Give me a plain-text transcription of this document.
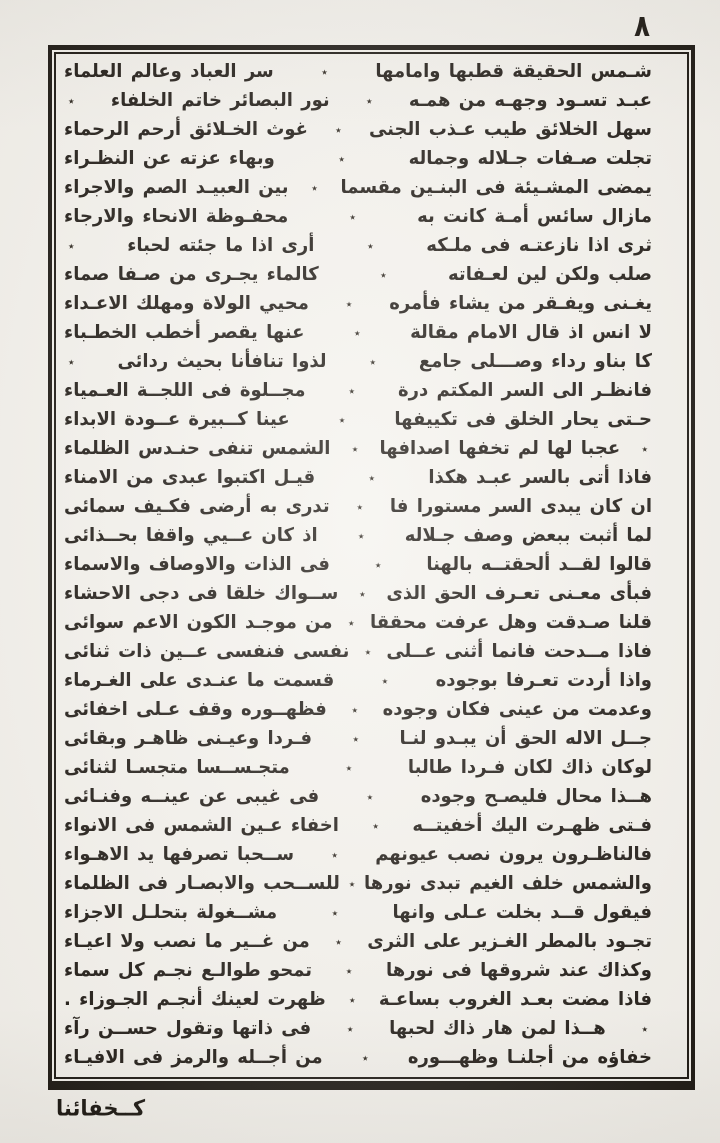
٨
شـمس الحقيقة قطبها وامامها
٭
سر العباد وعالم العلماء
عبـد تسـود وجهـه من همـه
٭
نور البصائر خاتم الخلفاء
٭
سهل الخلائق طيب عـذب الجنى
٭
غوث الخـلائق أرحم الرحماء
تجلت صـفات جـلاله وجماله
٭
وبهاء عزته عن النظـراء
يمضى المشـيئة فى البنـين مقسما
٭
بين العبيـد الصم والاجراء
مازال سائس أمـة كانت به
٭
محفـوظة الانحاء والارجاء
ثرى اذا نازعتـه فى ملـكه
٭
أرى اذا ما جئته لحباء
٭
صلب ولكن لين لعـفاته
٭
كالماء يجـرى من صـفا صماء
يغـنى ويفـقر من يشاء فأمره
٭
محيي الولاة ومهلك الاعـداء
لا انس اذ قال الامام مقالة
٭
عنها يقصر أخطب الخطـباء
كا بناو رداء وصـــلى جامع
٭
لذوا تنافأنا بحيث ردائى
٭
فانظـر الى السر المكتم درة
٭
مجــلوة فى اللجــة العـمياء
حـتى يحار الخلق فى تكييفها
٭
عينا كــبيرة عــودة الابداء
٭
عجبا لها لم تخفها اصدافها
٭
الشمس تنفى حنـدس الظلماء
فاذا أتى بالسر عبـد هكذا
٭
قيـل اكتبوا عبدى من الامناء
ان كان يبدى السر مستورا فا
٭
تدرى به أرضى فكـيف سمائى
لما أثبت ببعض وصف جـلاله
٭
اذ كان عــيي واقفا بحــذائى
قالوا لقــد ألحقتــه بالهنا
٭
فى الذات والاوصاف والاسماء
فبأى معـنى تعـرف الحق الذى
٭
ســواك خلقا فى دجى الاحشاء
قلنا صـدقت وهل عرفت محققا
٭
من موجـد الكون الاعم سوائى
فاذا مــدحت فانما أثنى عــلى
٭
نفسى فنفسى عــين ذات ثنائى
واذا أردت تعـرفا بوجوده
٭
قسمت ما عنـدى على الغـرماء
وعدمت من عينى فكان وجوده
٭
فظهــوره وقف عـلى اخفائى
جــل الاله الحق أن يبـدو لنـا
٭
فـردا وعيـنى ظاهـر وبقائى
لوكان ذاك لكان فـردا طالبا
٭
متجـســسا متجسـا لثنائى
هــذا محال فليصـح وجوده
٭
فى غيبى عن عينــه وفنـائى
فـتى ظهـرت اليك أخفيتــه
٭
اخفاء عـين الشمس فى الانواء
فالناظـرون يرون نصب عيونهم
٭
ســحبا تصرفها يد الاهـواء
والشمس خلف الغيم تبدى نورها
٭
للســحب والابصـار فى الظلماء
فيقول قــد بخلت عـلى وانها
٭
مشــغولة بتحلـل الاجزاء
تجـود بالمطر الغـزير على الثرى
٭
من غــير ما نصب ولا اعيـاء
وكذاك عند شروقها فى نورها
٭
تمحو طوالـع نجـم كل سماء
فاذا مضت بعـد الغروب بساعـة
٭
ظهرت لعينك أنجـم الجـوزاء .
٭
هــذا لمن هار ذاك لحبها
٭
فى ذاتها وتقول حســن رآء
خفاؤه من أجلنـا وظهـــوره
٭
من أجــله والرمز فى الافيـاء
كــخفائنا
